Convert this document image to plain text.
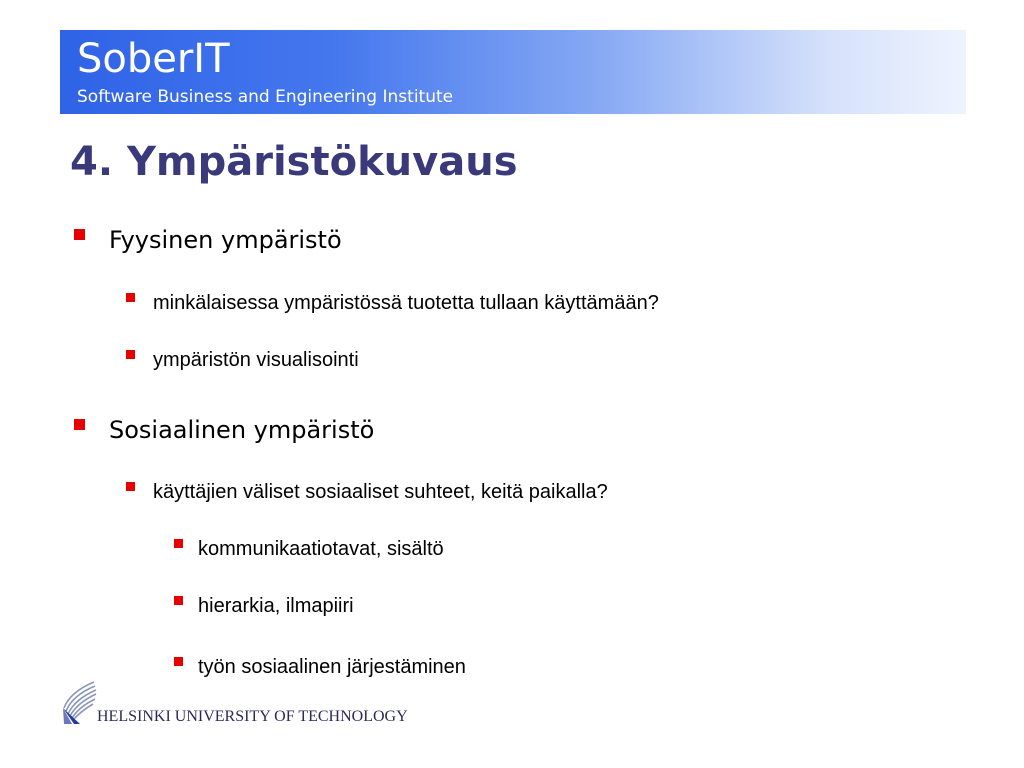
SoberIT
Software Business and Engineering Institute
4. Ympäristökuvaus
Fyysinen ympäristö
minkälaisessa ympäristössä tuotetta tullaan käyttämään?
ympäristön visualisointi
Sosiaalinen ympäristö
käyttäjien väliset sosiaaliset suhteet, keitä paikalla?
kommunikaatiotavat, sisältö
hierarkia, ilmapiiri
työn sosiaalinen järjestäminen
HELSINKI UNIVERSITY OF TECHNOLOGY
